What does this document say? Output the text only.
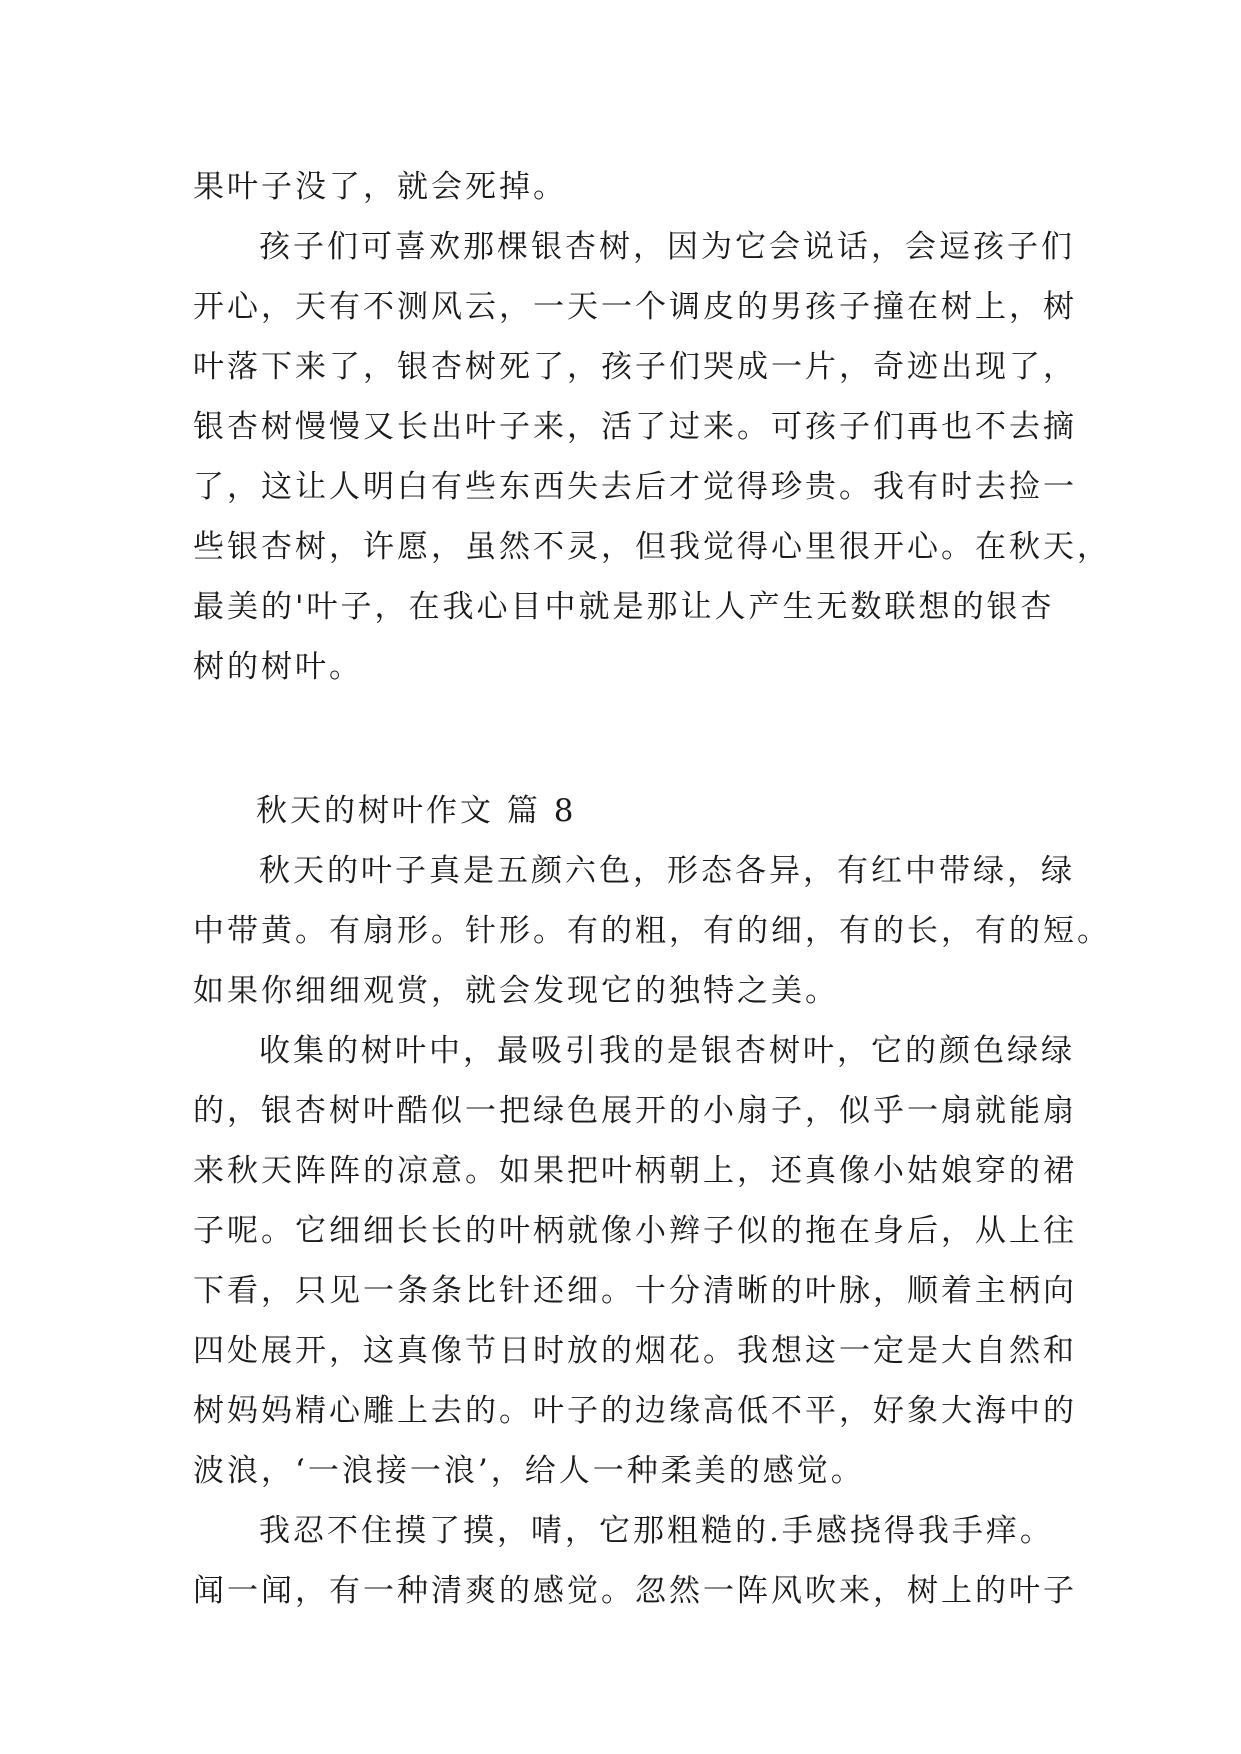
果叶子没了，就会死掉。
孩子们可喜欢那棵银杏树，因为它会说话，会逗孩子们
开心，天有不测风云，一天一个调皮的男孩子撞在树上，树
叶落下来了，银杏树死了，孩子们哭成一片，奇迹出现了，
银杏树慢慢又长出叶子来，活了过来。可孩子们再也不去摘
了，这让人明白有些东西失去后才觉得珍贵。我有时去捡一
些银杏树，许愿，虽然不灵，但我觉得心里很开心。在秋天，
最美的'叶子，在我心目中就是那让人产生无数联想的银杏
树的树叶。
秋天的树叶作文 篇 8
秋天的叶子真是五颜六色，形态各异，有红中带绿，绿
中带黄。有扇形。针形。有的粗，有的细，有的长，有的短。
如果你细细观赏，就会发现它的独特之美。
收集的树叶中，最吸引我的是银杏树叶，它的颜色绿绿
的，银杏树叶酷似一把绿色展开的小扇子，似乎一扇就能扇
来秋天阵阵的凉意。如果把叶柄朝上，还真像小姑娘穿的裙
子呢。它细细长长的叶柄就像小辫子似的拖在身后，从上往
下看，只见一条条比针还细。十分清晰的叶脉，顺着主柄向
四处展开，这真像节日时放的烟花。我想这一定是大自然和
树妈妈精心雕上去的。叶子的边缘高低不平，好象大海中的
波浪，‘一浪接一浪’，给人一种柔美的感觉。
我忍不住摸了摸，啨，它那粗糙的.手感挠得我手痒。
闻一闻，有一种清爽的感觉。忽然一阵风吹来，树上的叶子
